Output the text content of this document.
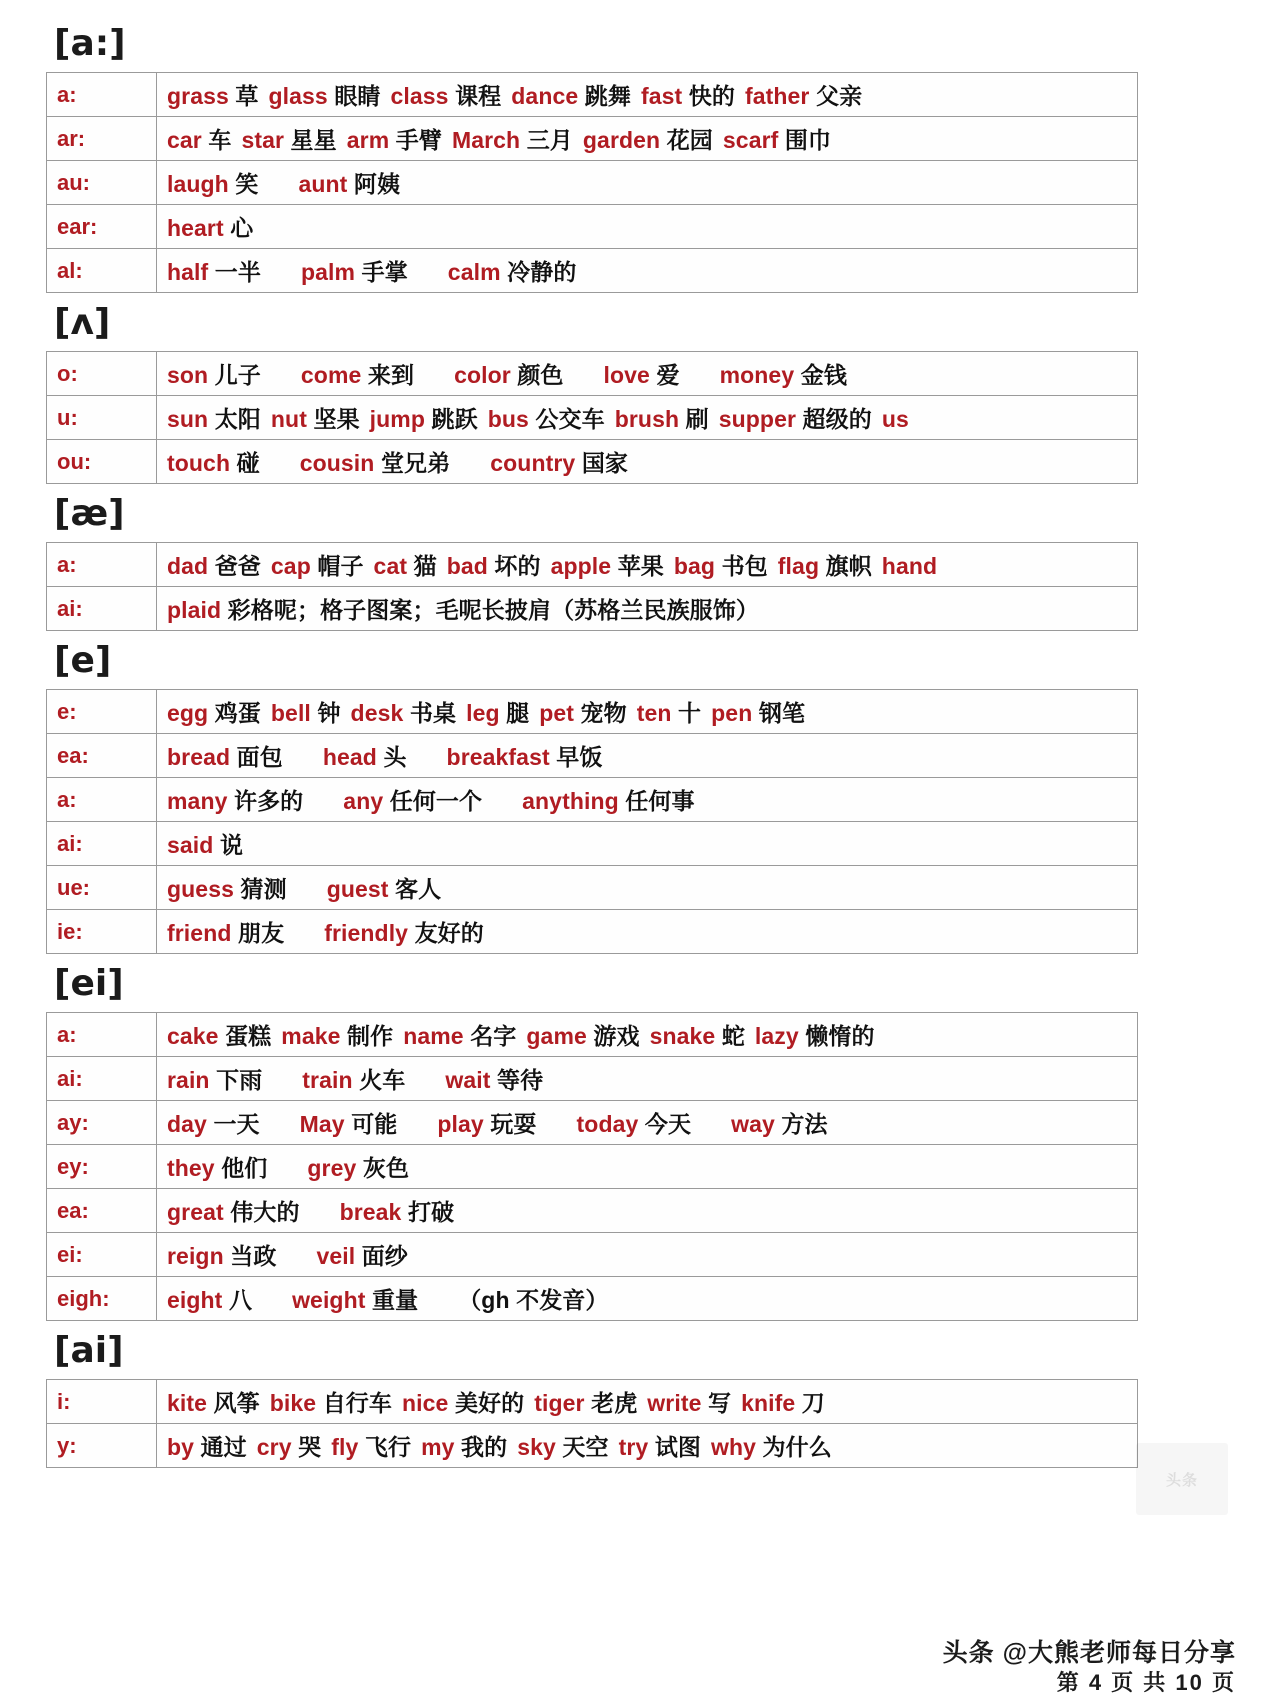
[a:]
a:	grass 草 glass 眼睛 class 课程 dance 跳舞 fast 快的 father 父亲
ar:	car 车 star 星星 arm 手臂 March 三月 garden 花园 scarf 围巾
au:	laugh 笑 aunt 阿姨
ear:	heart 心
al:	half 一半 palm 手掌 calm 冷静的
[ʌ]
o:	son 儿子 come 来到 color 颜色 love 爱 money 金钱
u:	sun 太阳 nut 坚果 jump 跳跃 bus 公交车 brush 刷 supper 超级的 us
ou:	touch 碰 cousin 堂兄弟 country 国家
[æ]
a:	dad 爸爸 cap 帽子 cat 猫 bad 坏的 apple 苹果 bag 书包 flag 旗帜 hand
ai:	plaid 彩格呢；格子图案；毛呢长披肩（苏格兰民族服饰）
[e]
e:	egg 鸡蛋 bell 钟 desk 书桌 leg 腿 pet 宠物 ten 十 pen 钢笔
ea:	bread 面包 head 头 breakfast 早饭
a:	many 许多的 any 任何一个 anything 任何事
ai:	said 说
ue:	guess 猜测 guest 客人
ie:	friend 朋友 friendly 友好的
[ei]
a:	cake 蛋糕 make 制作 name 名字 game 游戏 snake 蛇 lazy 懒惰的
ai:	rain 下雨 train 火车 wait 等待
ay:	day 一天 May 可能 play 玩耍 today 今天 way 方法
ey:	they 他们 grey 灰色
ea:	great 伟大的 break 打破
ei:	reign 当政 veil 面纱
eigh:	eight 八 weight 重量 （gh 不发音）
[ai]
i:	kite 风筝 bike 自行车 nice 美好的 tiger 老虎 write 写 knife 刀
y:	by 通过 cry 哭 fly 飞行 my 我的 sky 天空 try 试图 why 为什么
头条
头条 @大熊老师每日分享
第 4 页 共 10 页
